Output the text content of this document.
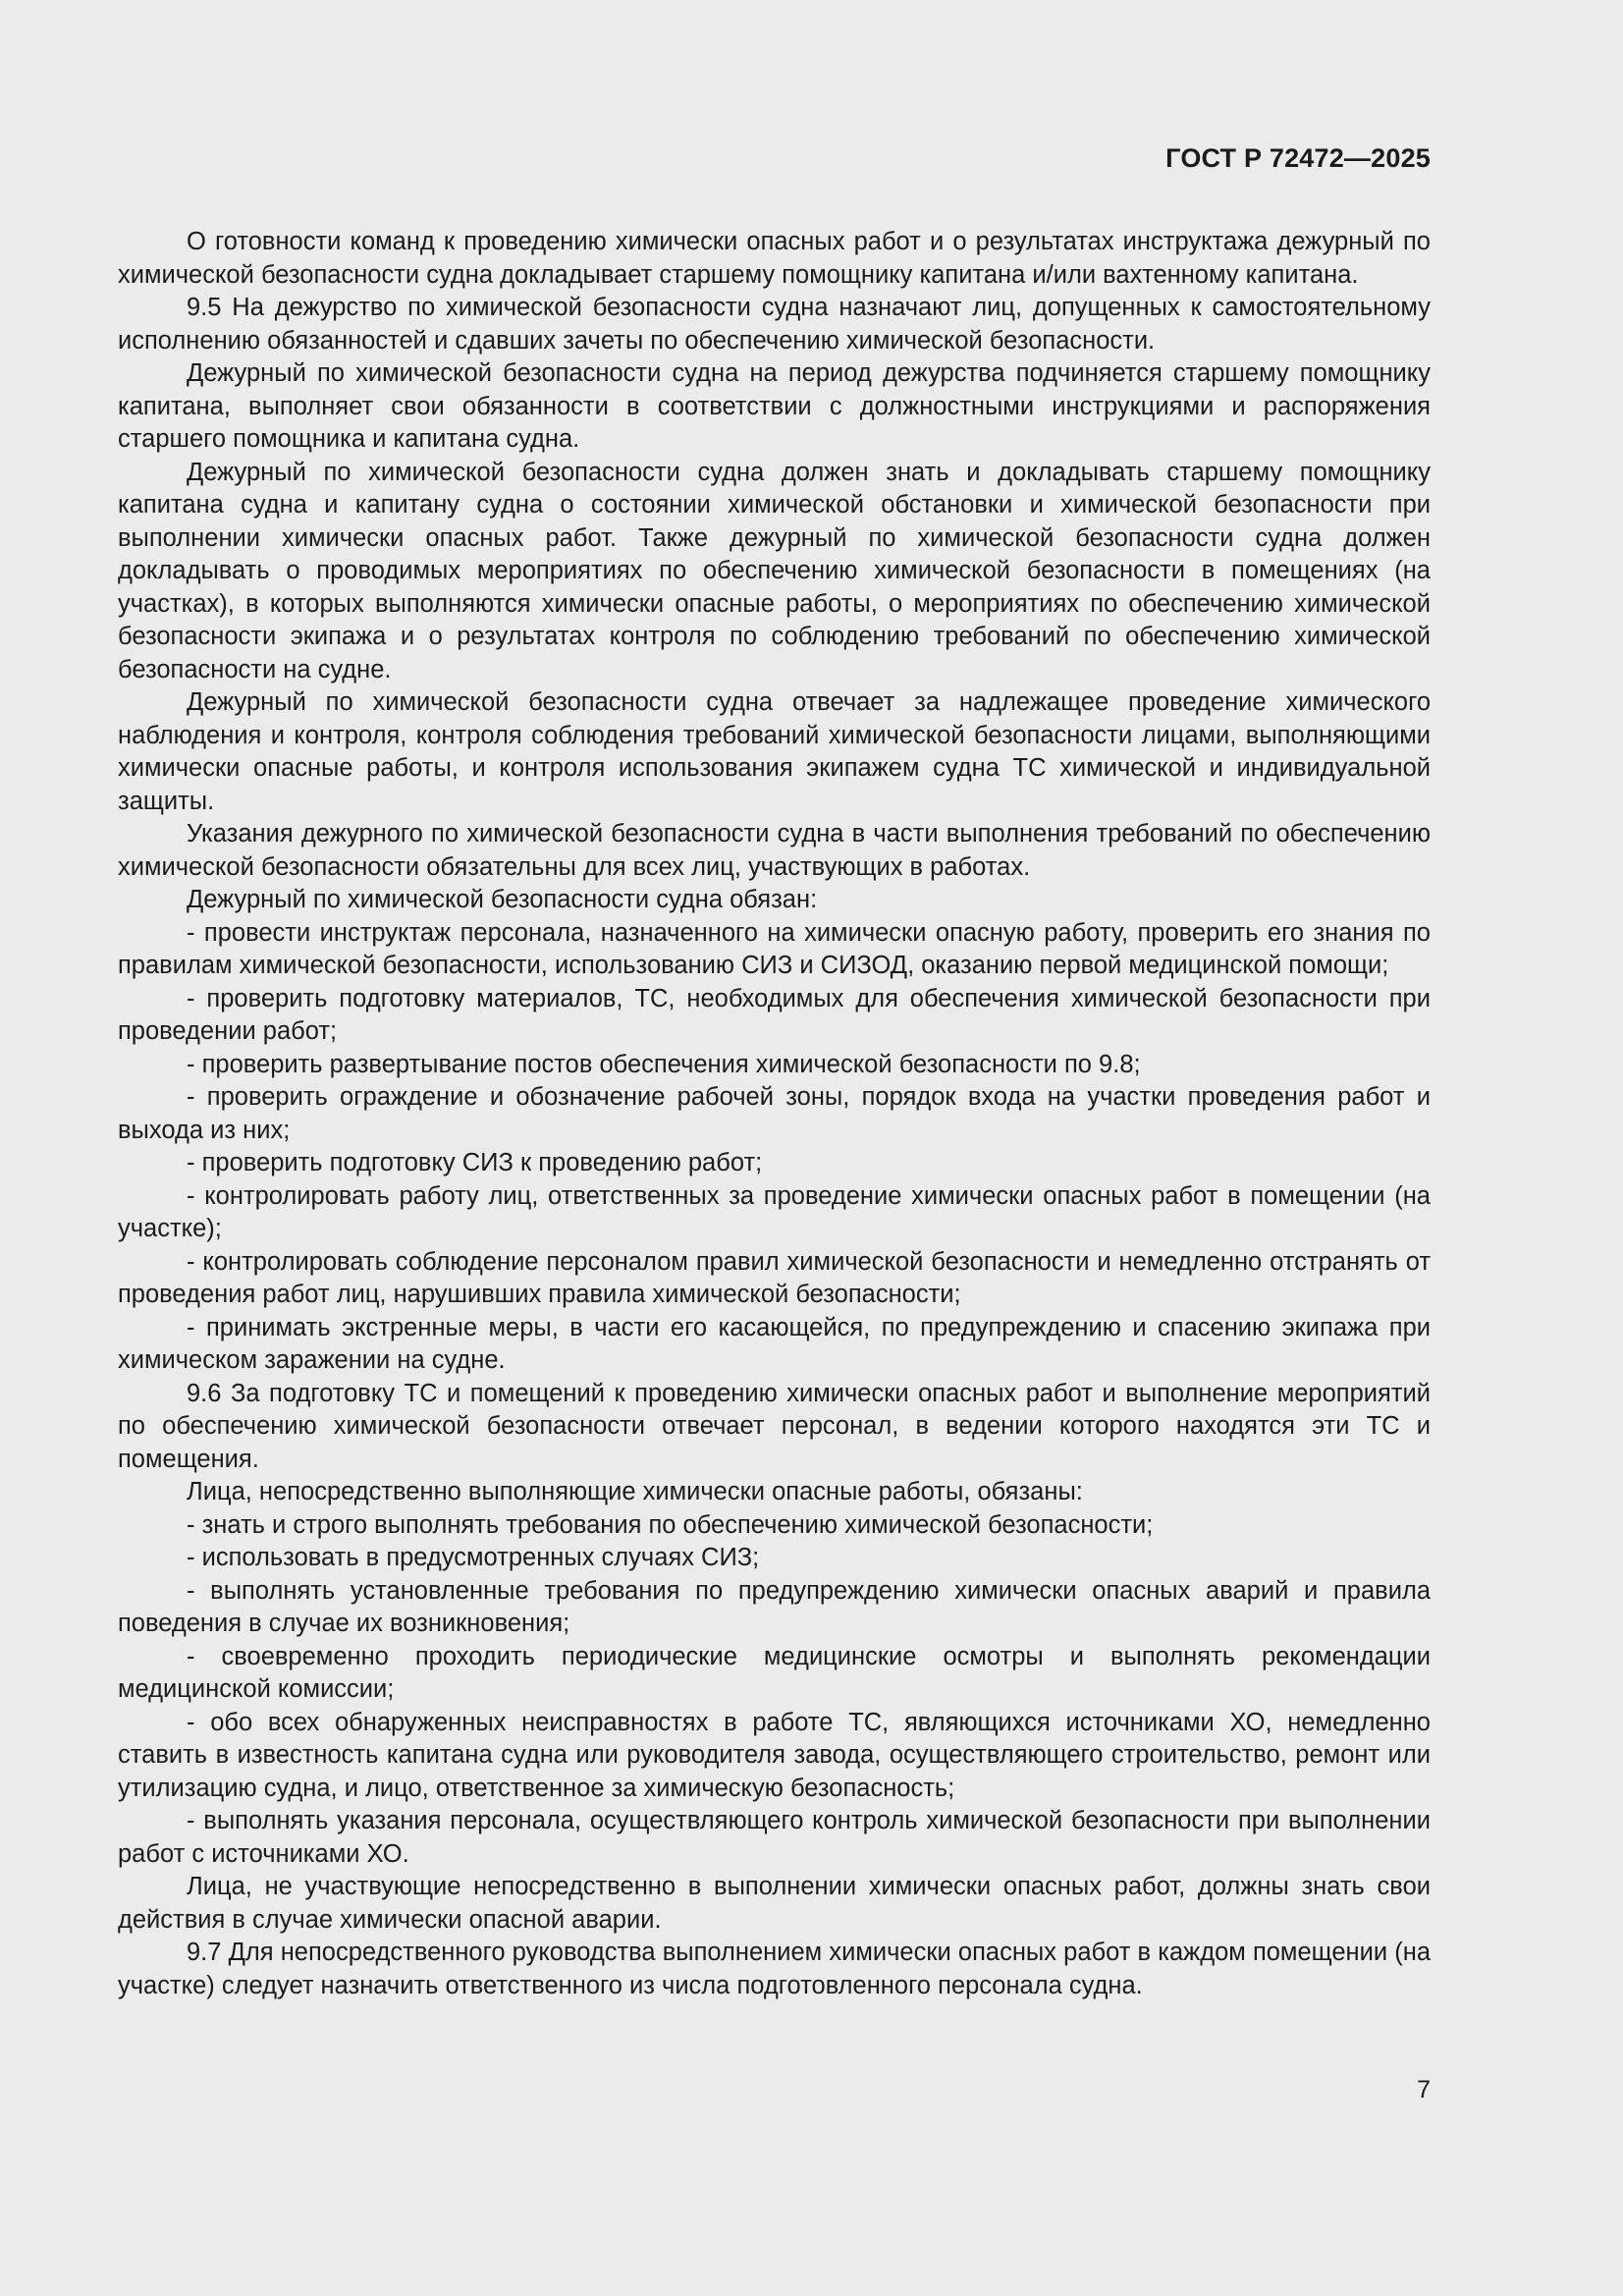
ГОСТ Р 72472—2025

О готовности команд к проведению химически опасных работ и о результатах инструктажа дежурный по химической безопасности судна докладывает старшему помощнику капитана и/или вахтенному капитана.

9.5 На дежурство по химической безопасности судна назначают лиц, допущенных к самостоятельному исполнению обязанностей и сдавших зачеты по обеспечению химической безопасности.

Дежурный по химической безопасности судна на период дежурства подчиняется старшему помощнику капитана, выполняет свои обязанности в соответствии с должностными инструкциями и распоряжения старшего помощника и капитана судна.

Дежурный по химической безопасности судна должен знать и докладывать старшему помощнику капитана судна и капитану судна о состоянии химической обстановки и химической безопасности при выполнении химически опасных работ. Также дежурный по химической безопасности судна должен докладывать о проводимых мероприятиях по обеспечению химической безопасности в помещениях (на участках), в которых выполняются химически опасные работы, о мероприятиях по обеспечению химической безопасности экипажа и о результатах контроля по соблюдению требований по обеспечению химической безопасности на судне.

Дежурный по химической безопасности судна отвечает за надлежащее проведение химического наблюдения и контроля, контроля соблюдения требований химической безопасности лицами, выполняющими химически опасные работы, и контроля использования экипажем судна ТС химической и индивидуальной защиты.

Указания дежурного по химической безопасности судна в части выполнения требований по обеспечению химической безопасности обязательны для всех лиц, участвующих в работах.

Дежурный по химической безопасности судна обязан:

- провести инструктаж персонала, назначенного на химически опасную работу, проверить его знания по правилам химической безопасности, использованию СИЗ и СИЗОД, оказанию первой медицинской помощи;

- проверить подготовку материалов, ТС, необходимых для обеспечения химической безопасности при проведении работ;

- проверить развертывание постов обеспечения химической безопасности по 9.8;

- проверить ограждение и обозначение рабочей зоны, порядок входа на участки проведения работ и выхода из них;

- проверить подготовку СИЗ к проведению работ;

- контролировать работу лиц, ответственных за проведение химически опасных работ в помещении (на участке);

- контролировать соблюдение персоналом правил химической безопасности и немедленно отстранять от проведения работ лиц, нарушивших правила химической безопасности;

- принимать экстренные меры, в части его касающейся, по предупреждению и спасению экипажа при химическом заражении на судне.

9.6 За подготовку ТС и помещений к проведению химически опасных работ и выполнение мероприятий по обеспечению химической безопасности отвечает персонал, в ведении которого находятся эти ТС и помещения.

Лица, непосредственно выполняющие химически опасные работы, обязаны:

- знать и строго выполнять требования по обеспечению химической безопасности;

- использовать в предусмотренных случаях СИЗ;

- выполнять установленные требования по предупреждению химически опасных аварий и правила поведения в случае их возникновения;

- своевременно проходить периодические медицинские осмотры и выполнять рекомендации медицинской комиссии;

- обо всех обнаруженных неисправностях в работе ТС, являющихся источниками ХО, немедленно ставить в известность капитана судна или руководителя завода, осуществляющего строительство, ремонт или утилизацию судна, и лицо, ответственное за химическую безопасность;

- выполнять указания персонала, осуществляющего контроль химической безопасности при выполнении работ с источниками ХО.

Лица, не участвующие непосредственно в выполнении химически опасных работ, должны знать свои действия в случае химически опасной аварии.

9.7 Для непосредственного руководства выполнением химически опасных работ в каждом помещении (на участке) следует назначить ответственного из числа подготовленного персонала судна.

7
